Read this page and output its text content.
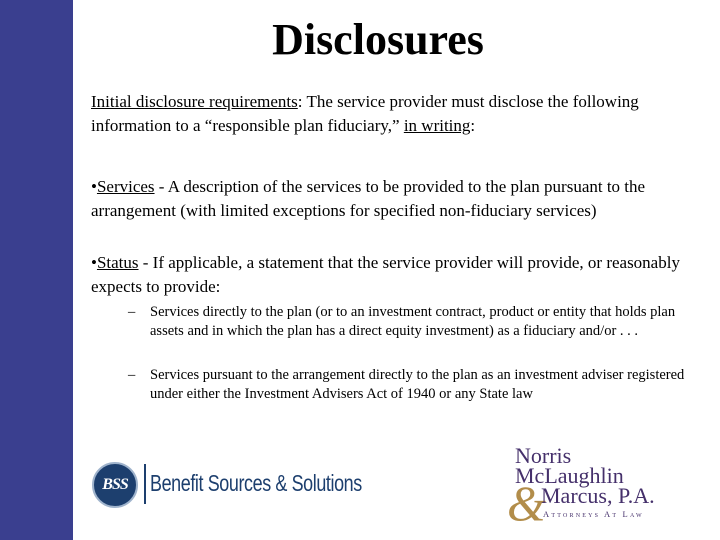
Disclosures

Initial disclosure requirements: The service provider must disclose the following information to a “responsible plan fiduciary,” in writing:

•Services - A description of the services to be provided to the plan pursuant to the arrangement (with limited exceptions for specified non-fiduciary services)

•Status - If applicable, a statement that the service provider will provide, or reasonably expects to provide:

– Services directly to the plan (or to an investment contract, product or entity that holds plan assets and in which the plan has a direct equity investment) as a fiduciary and/or . . .
– Services pursuant to the arrangement directly to the plan as an investment adviser registered under either the Investment Advisers Act of 1940 or any State law
BSS Benefit Sources & Solutions
Norris
McLaughlin
&
Marcus, P.A.
Attorneys At Law
